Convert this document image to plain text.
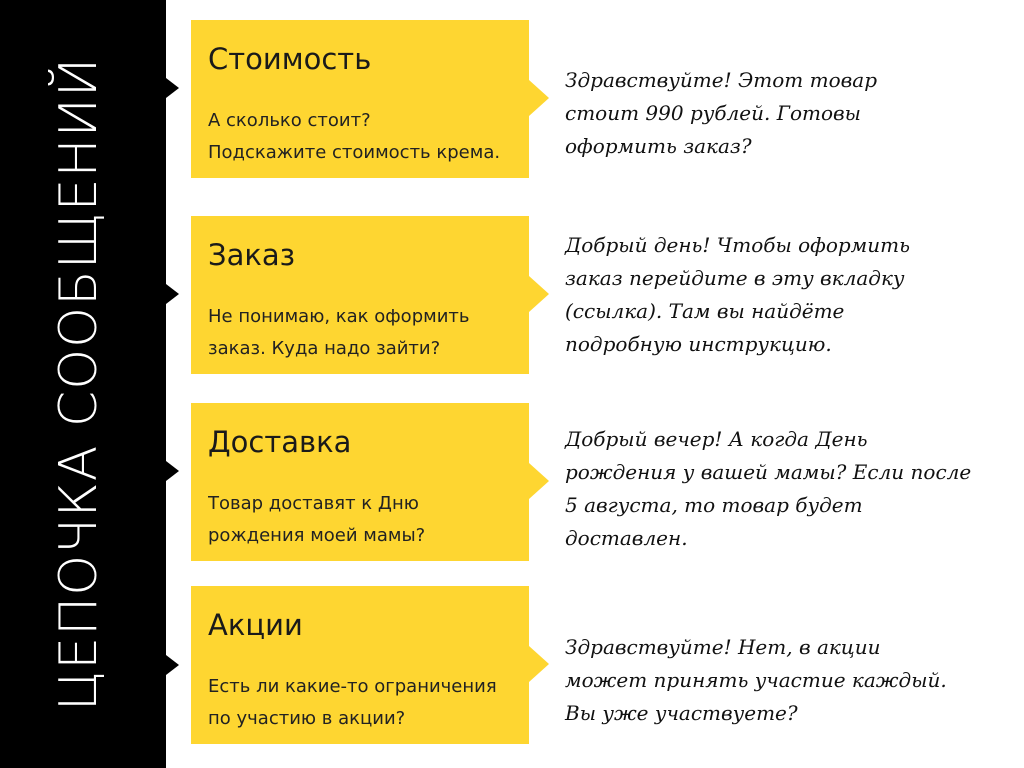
ЦЕПОЧКА СООБЩЕНИЙ	Стоимость
А сколько стоит?
Подскажите стоимость крема.
Здравствуйте! Этот товар
стоит 990 рублей. Готовы
оформить заказ?
Заказ
Не понимаю, как оформить
заказ. Куда надо зайти?
Добрый день! Чтобы оформить
заказ перейдите в эту вкладку
(ссылка). Там вы найдёте
подробную инструкцию.
Доставка
Товар доставят к Дню
рождения моей мамы?
Добрый вечер! А когда День
рождения у вашей мамы? Если после
5 августа, то товар будет
доставлен.
Акции
Есть ли какие-то ограничения
по участию в акции?
Здравствуйте! Нет, в акции
может принять участие каждый.
Вы уже участвуете?
